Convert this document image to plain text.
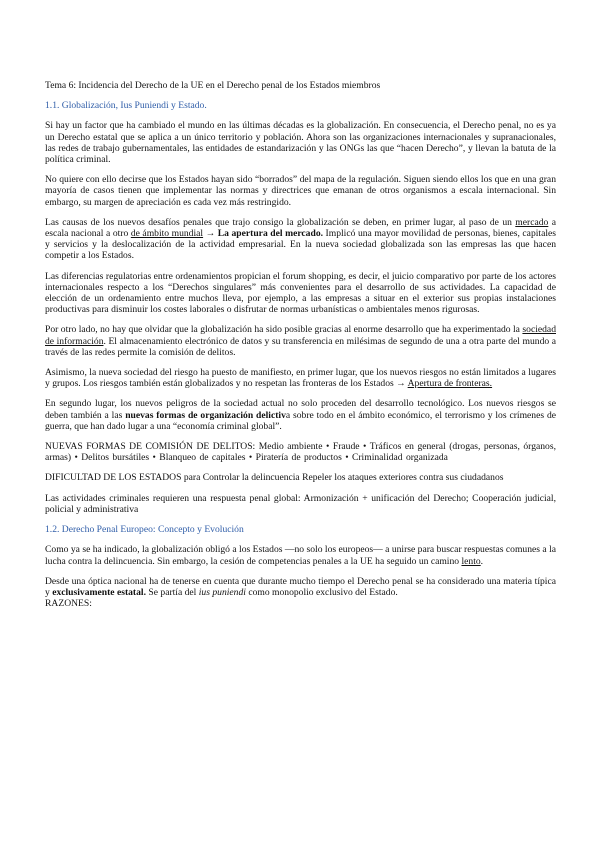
Tema 6: Incidencia del Derecho de la UE en el Derecho penal de los Estados miembros
1.1. Globalización, Ius Puniendi y Estado.

Si hay un factor que ha cambiado el mundo en las últimas décadas es la globalización. En consecuencia, el Derecho penal, no es ya un Derecho estatal que se aplica a un único territorio y población. Ahora son las organizaciones internacionales y supranacionales, las redes de trabajo gubernamentales, las entidades de estandarización y las ONGs las que “hacen Derecho”, y llevan la batuta de la política criminal.

No quiere con ello decirse que los Estados hayan sido “borrados” del mapa de la regulación. Siguen siendo ellos los que en una gran mayoría de casos tienen que implementar las normas y directrices que emanan de otros organismos a escala internacional. Sin embargo, su margen de apreciación es cada vez más restringido.

Las causas de los nuevos desafíos penales que trajo consigo la globalización se deben, en primer lugar, al paso de un mercado a escala nacional a otro de ámbito mundial → La apertura del mercado. Implicó una mayor movilidad de personas, bienes, capitales y servicios y la deslocalización de la actividad empresarial. En la nueva sociedad globalizada son las empresas las que hacen competir a los Estados.

Las diferencias regulatorias entre ordenamientos propician el forum shopping, es decir, el juicio comparativo por parte de los actores internacionales respecto a los “Derechos singulares” más convenientes para el desarrollo de sus actividades. La capacidad de elección de un ordenamiento entre muchos lleva, por ejemplo, a las empresas a situar en el exterior sus propias instalaciones productivas para disminuir los costes laborales o disfrutar de normas urbanísticas o ambientales menos rigurosas.

Por otro lado, no hay que olvidar que la globalización ha sido posible gracias al enorme desarrollo que ha experimentado la sociedad de información. El almacenamiento electrónico de datos y su transferencia en milésimas de segundo de una a otra parte del mundo a través de las redes permite la comisión de delitos.

Asimismo, la nueva sociedad del riesgo ha puesto de manifiesto, en primer lugar, que los nuevos riesgos no están limitados a lugares y grupos. Los riesgos también están globalizados y no respetan las fronteras de los Estados → Apertura de fronteras.

En segundo lugar, los nuevos peligros de la sociedad actual no solo proceden del desarrollo tecnológico. Los nuevos riesgos se deben también a las nuevas formas de organización delictiva sobre todo en el ámbito económico, el terrorismo y los crímenes de guerra, que han dado lugar a una “economía criminal global”.

NUEVAS FORMAS DE COMISIÓN DE DELITOS: Medio ambiente • Fraude • Tráficos en general (drogas, personas, órganos, armas) • Delitos bursátiles • Blanqueo de capitales • Piratería de productos • Criminalidad organizada

DIFICULTAD DE LOS ESTADOS para Controlar la delincuencia Repeler los ataques exteriores contra sus ciudadanos

Las actividades criminales requieren una respuesta penal global: Armonización + unificación del Derecho; Cooperación judicial, policial y administrativa

1.2. Derecho Penal Europeo: Concepto y Evolución

Como ya se ha indicado, la globalización obligó a los Estados —no solo los europeos— a unirse para buscar respuestas comunes a la lucha contra la delincuencia. Sin embargo, la cesión de competencias penales a la UE ha seguido un camino lento.

Desde una óptica nacional ha de tenerse en cuenta que durante mucho tiempo el Derecho penal se ha considerado una materia típica y exclusivamente estatal. Se partía del ius puniendi como monopolio exclusivo del Estado.
RAZONES:
